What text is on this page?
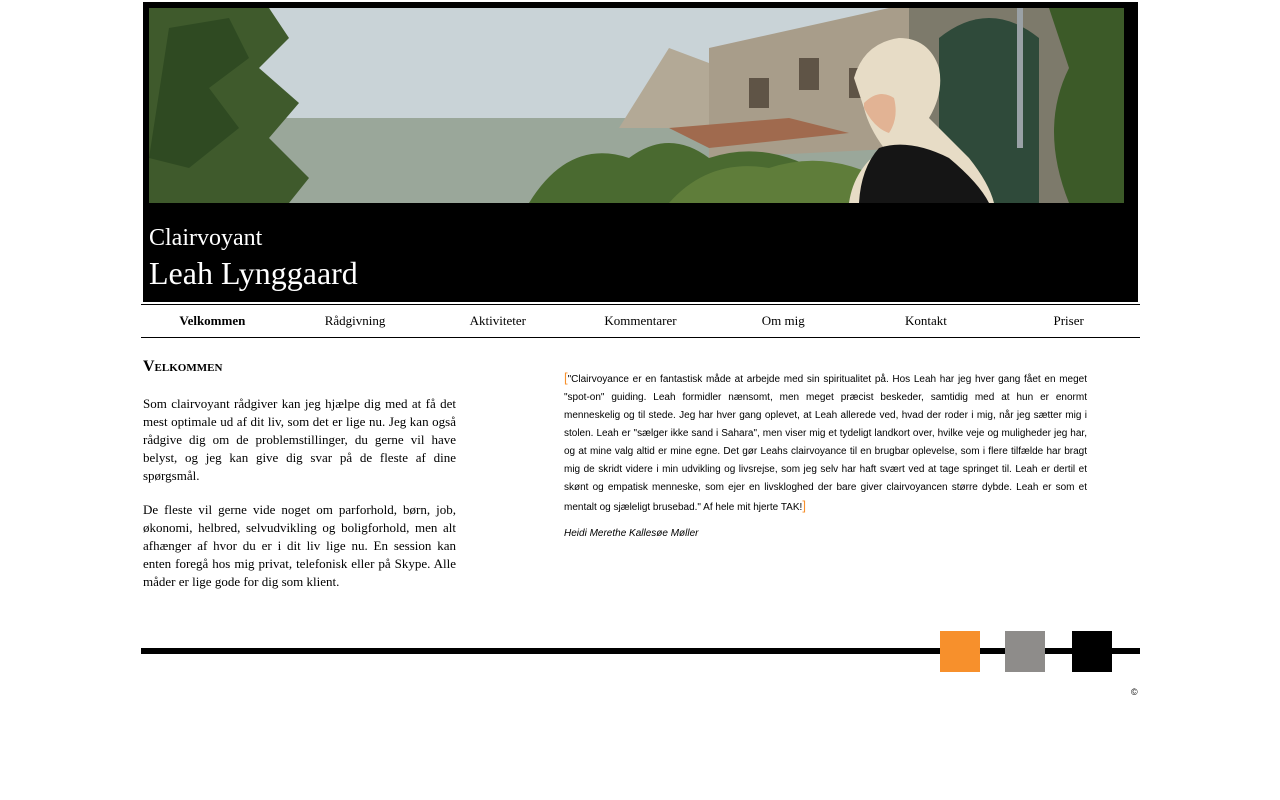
Clairvoyant
Leah Lynggaard
Velkommen	Rådgivning	Aktiviteter	Kommentarer	Om mig	Kontakt	Priser
Velkommen

Som clairvoyant rådgiver kan jeg hjælpe dig med at få det mest optimale ud af dit liv, som det er lige nu. Jeg kan også rådgive dig om de problemstillinger, du gerne vil have belyst, og jeg kan give dig svar på de fleste af dine spørgsmål.

De fleste vil gerne vide noget om parforhold, børn, job, økonomi, helbred, selvudvikling og boligforhold, men alt afhænger af hvor du er i dit liv lige nu. En session kan enten foregå hos mig privat, telefonisk eller på Skype. Alle måder er lige gode for dig som klient.

["Clairvoyance er en fantastisk måde at arbejde med sin spiritualitet på. Hos Leah har jeg hver gang fået en meget "spot-on" guiding. Leah formidler nænsomt, men meget præcist beskeder, samtidig med at hun er enormt menneskelig og til stede. Jeg har hver gang oplevet, at Leah allerede ved, hvad der roder i mig, når jeg sætter mig i stolen. Leah er "sælger ikke sand i Sahara", men viser mig et tydeligt landkort over, hvilke veje og muligheder jeg har, og at mine valg altid er mine egne. Det gør Leahs clairvoyance til en brugbar oplevelse, som i flere tilfælde har bragt mig de skridt videre i min udvikling og livsrejse, som jeg selv har haft svært ved at tage springet til. Leah er dertil et skønt og empatisk menneske, som ejer en livskloghed der bare giver clairvoyancen større dybde. Leah er som et mentalt og sjæleligt brusebad." Af hele mit hjerte TAK!]

Heidi Merethe Kallesøe Møller
©
